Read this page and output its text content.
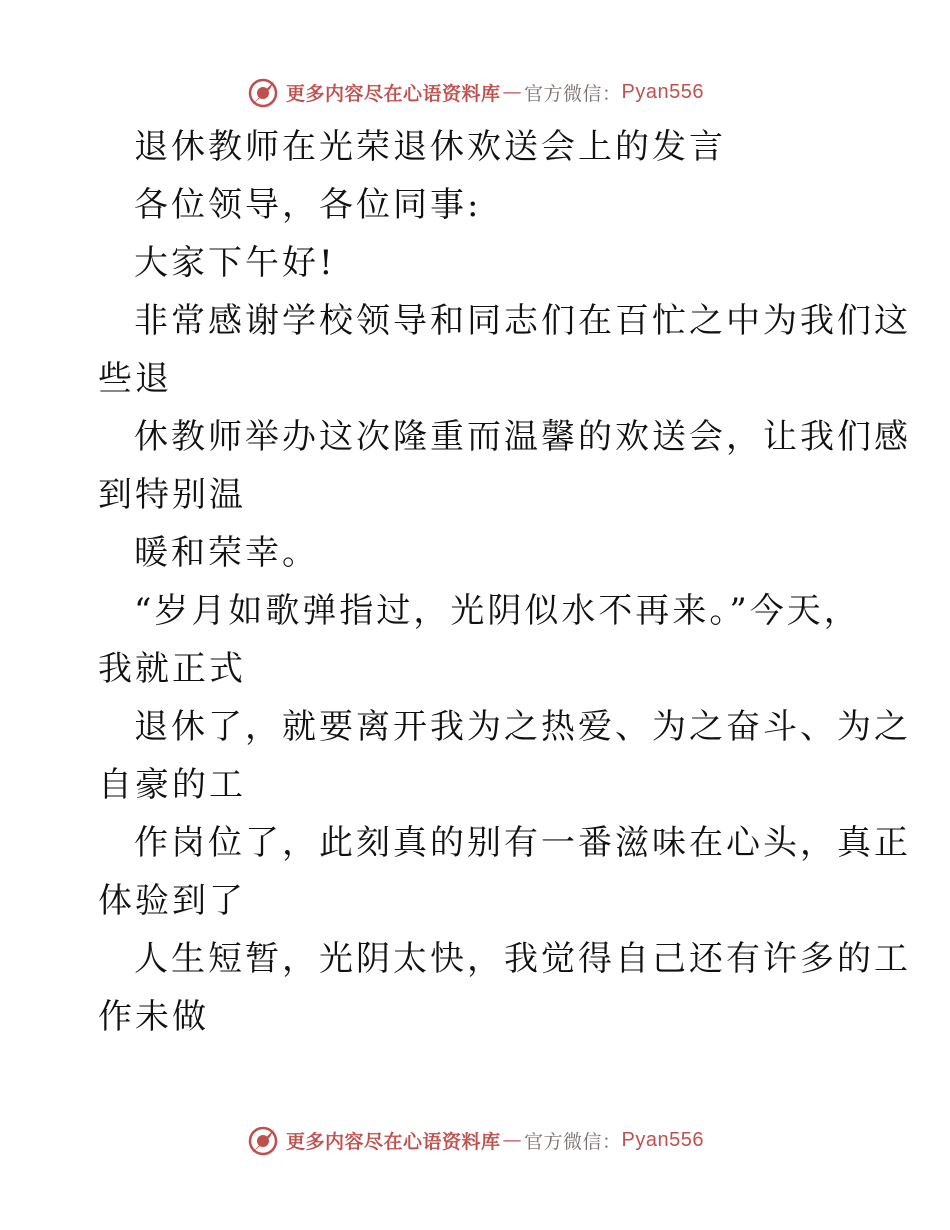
更多内容尽在心语资料库 — 官方微信： Pyan556
退休教师在光荣退休欢送会上的发言
各位领导，各位同事:
大家下午好!
非常感谢学校领导和同志们在百忙之中为我们这
些退
休教师举办这次隆重而温馨的欢送会，让我们感
到特别温
暖和荣幸。
“岁月如歌弹指过，光阴似水不再来。”今天，
我就正式
退休了，就要离开我为之热爱、为之奋斗、为之
自豪的工
作岗位了，此刻真的别有一番滋味在心头，真正
体验到了
人生短暂，光阴太快，我觉得自己还有许多的工
作未做
更多内容尽在心语资料库 — 官方微信： Pyan556
